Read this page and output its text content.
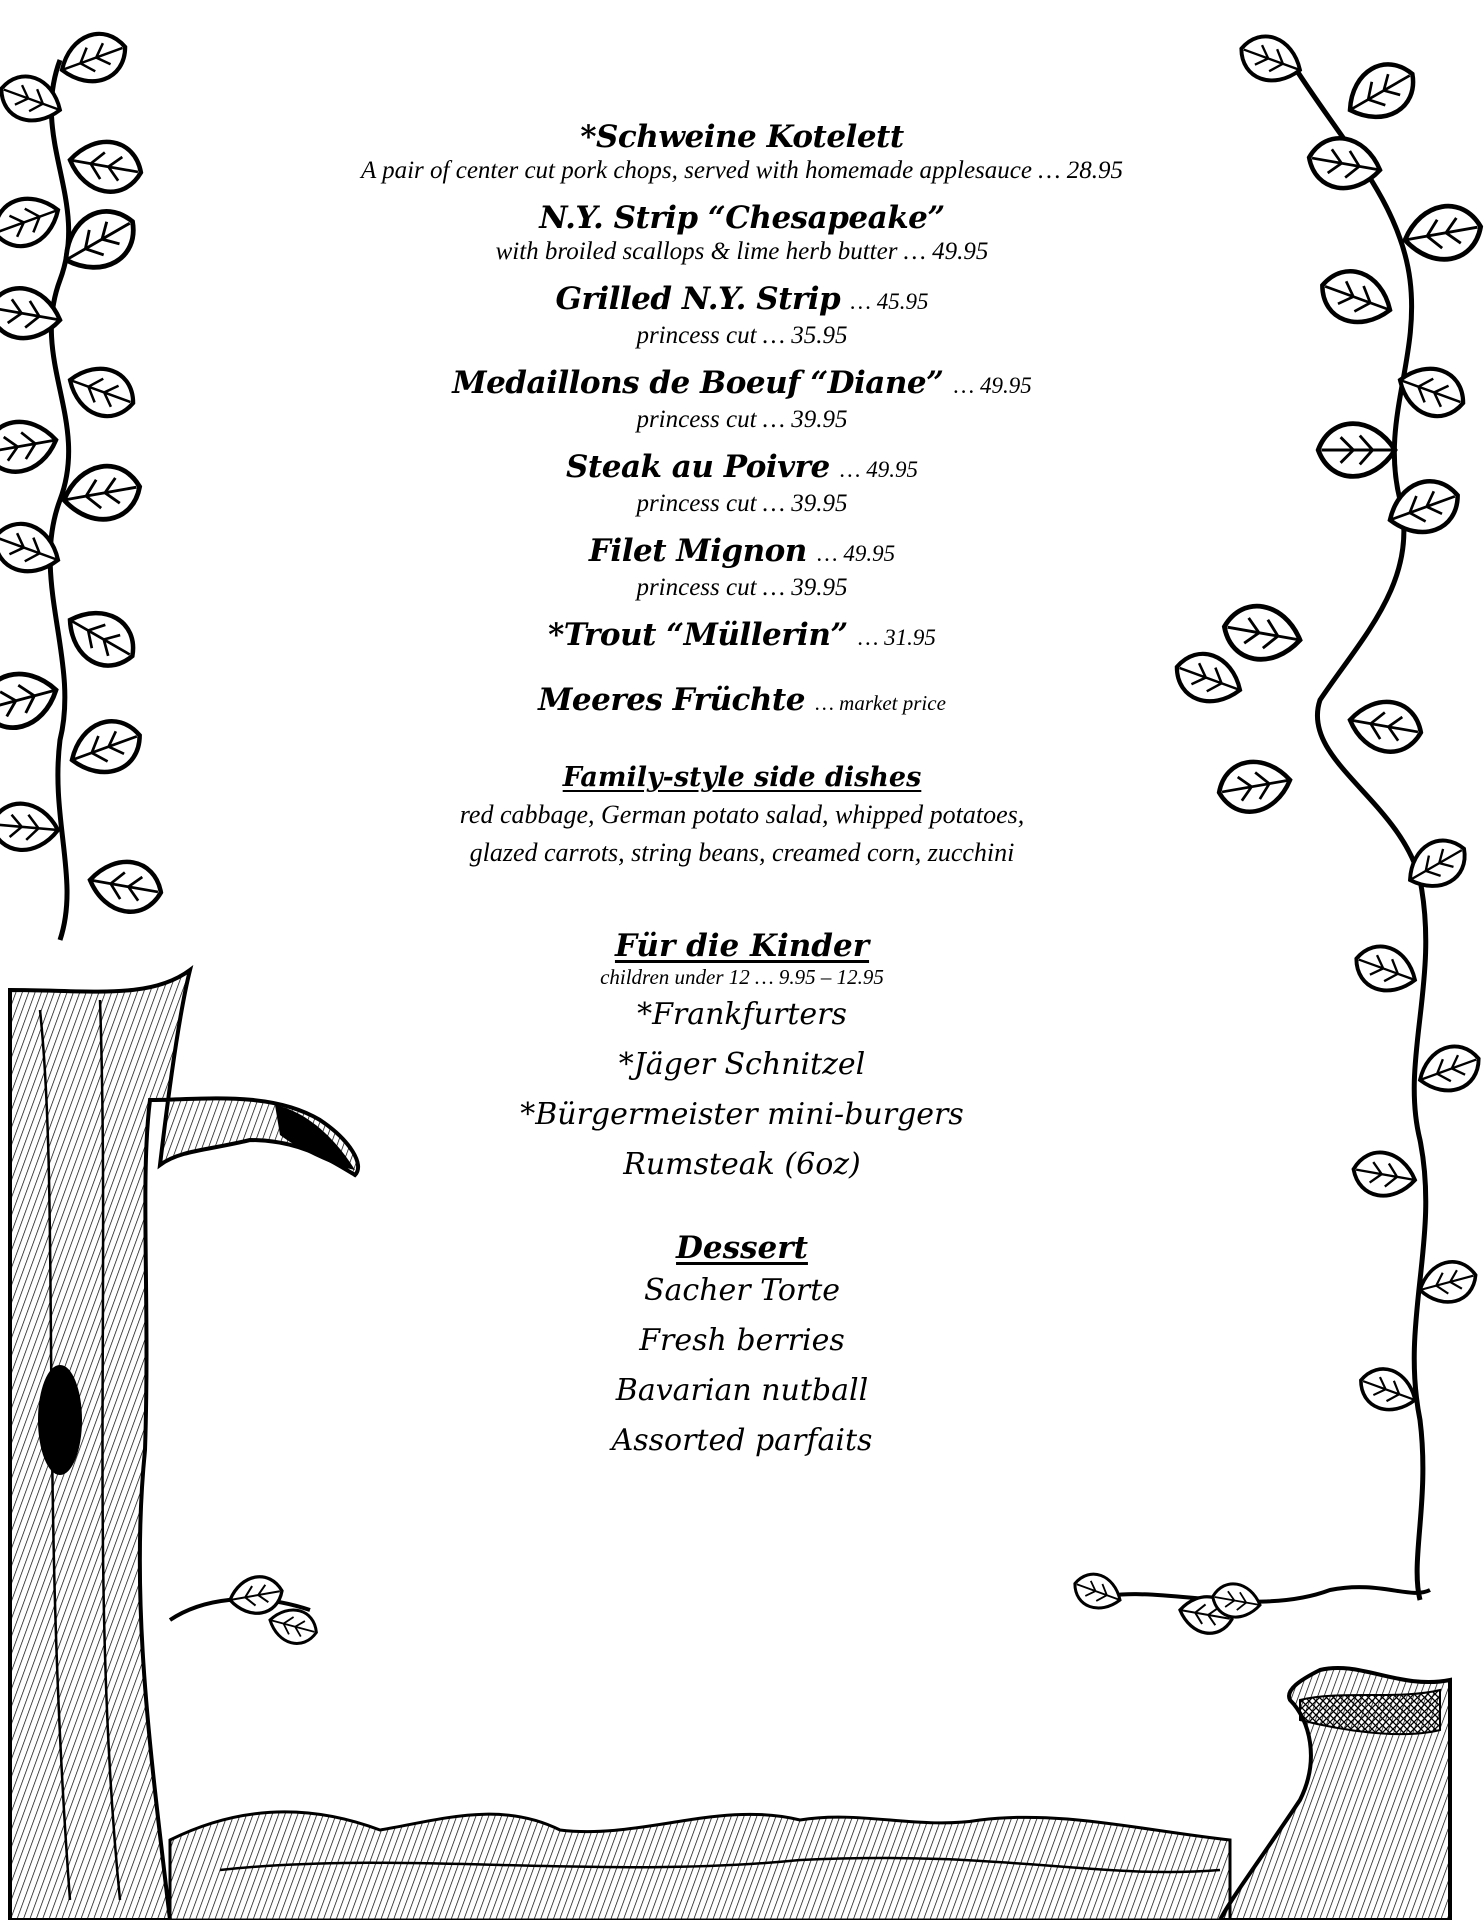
*Schweine Kotelett
A pair of center cut pork chops, served with homemade applesauce … 28.95
N.Y. Strip “Chesapeake”
with broiled scallops & lime herb butter … 49.95
Grilled N.Y. Strip … 45.95
princess cut … 35.95
Medaillons de Boeuf “Diane” … 49.95
princess cut … 39.95
Steak au Poivre … 49.95
princess cut … 39.95
Filet Mignon … 49.95
princess cut … 39.95
*Trout “Müllerin” … 31.95
Meeres Früchte … market price
Family-style side dishes
red cabbage, German potato salad, whipped potatoes,
glazed carrots, string beans, creamed corn, zucchini
Für die Kinder
children under 12 … 9.95 – 12.95
*Frankfurters
*Jäger Schnitzel
*Bürgermeister mini-burgers
Rumsteak (6oz)
Dessert
Sacher Torte
Fresh berries
Bavarian nutball
Assorted parfaits
